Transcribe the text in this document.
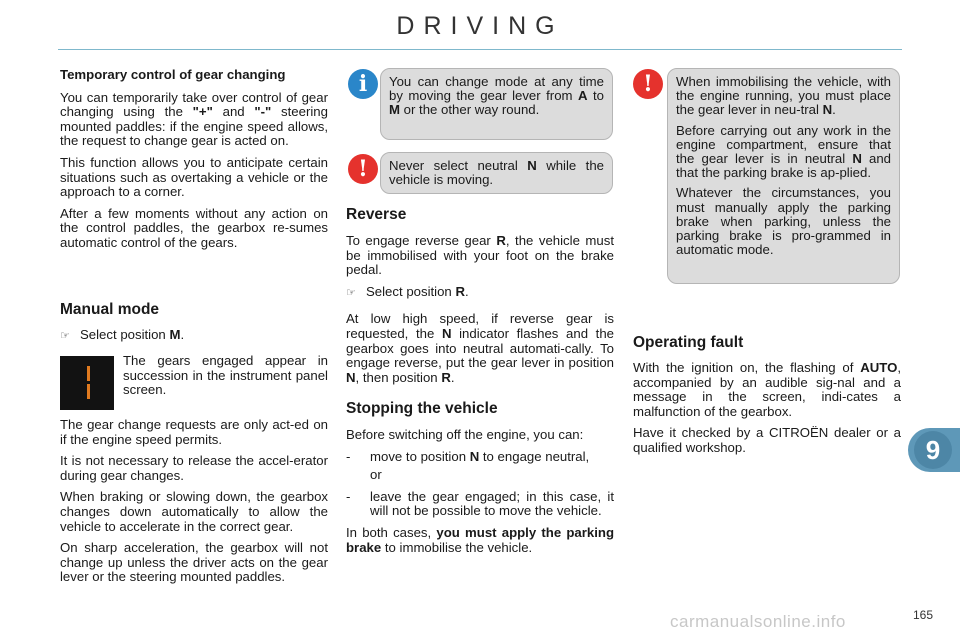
DRIVING
Temporary control of gear changing

You can temporarily take over control of gear changing using the "+" and "-" steering mounted paddles: if the engine speed allows, the request to change gear is acted on.

This function allows you to anticipate certain situations such as overtaking a vehicle or the approach to a corner.

After a few moments without any action on the control paddles, the gearbox re-sumes automatic control of the gears.

Manual mode
☞ Select position M.

The gears engaged appear in succession in the instrument panel screen.

The gear change requests are only act-ed on if the engine speed permits.

It is not necessary to release the accel-erator during gear changes.

When braking or slowing down, the gearbox changes down automatically to allow the vehicle to accelerate in the correct gear.

On sharp acceleration, the gearbox will not change up unless the driver acts on the gear lever or the steering mounted paddles.

i	You can change mode at any time by moving the gear lever from A to M or the other way round.

!	Never select neutral N while the vehicle is moving.

Reverse

To engage reverse gear R, the vehicle must be immobilised with your foot on the brake pedal.

☞ Select position R.

At low high speed, if reverse gear is requested, the N indicator flashes and the gearbox goes into neutral automati-cally. To engage reverse, put the gear lever in position N, then position R.

Stopping the vehicle

Before switching off the engine, you can:

- move to position N to engage neutral,

or

- leave the gear engaged; in this case, it will not be possible to move the vehicle.

In both cases, you must apply the parking brake to immobilise the vehicle.

!	When immobilising the vehicle, with the engine running, you must place the gear lever in neu-tral N.

Before carrying out any work in the engine compartment, ensure that the gear lever is in neutral N and that the parking brake is ap-plied.

Whatever the circumstances, you must manually apply the parking brake when parking, unless the parking brake is pro-grammed in automatic mode.

Operating fault

With the ignition on, the flashing of AUTO, accompanied by an audible sig-nal and a message in the screen, indi-cates a malfunction of the gearbox.

Have it checked by a CITROËN dealer or a qualified workshop.	9
carmanualsonline.info	165
